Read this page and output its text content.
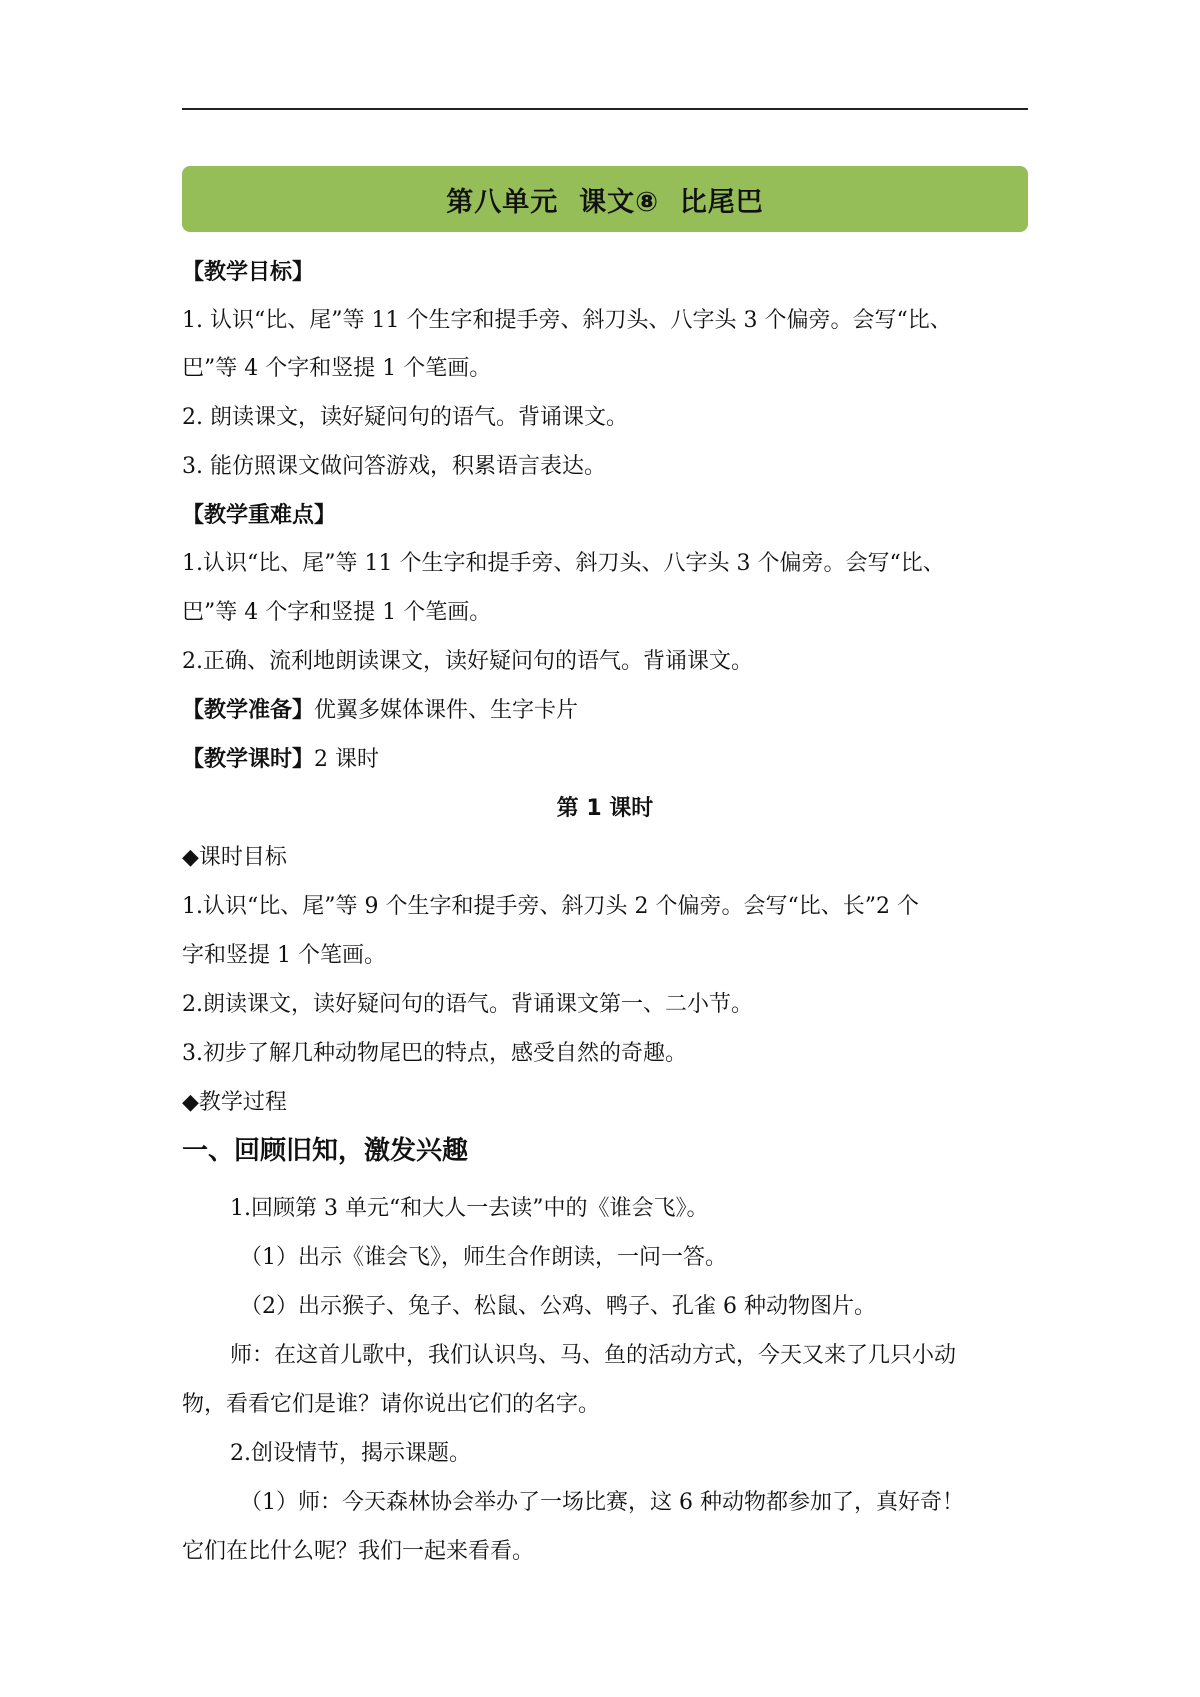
第八单元  课文⑧  比尾巴
【教学目标】
1. 认识“比、尾”等 11 个生字和提手旁、斜刀头、八字头 3 个偏旁。会写“比、
巴”等 4 个字和竖提 1 个笔画。
2. 朗读课文，读好疑问句的语气。背诵课文。
3. 能仿照课文做问答游戏，积累语言表达。
【教学重难点】
1.认识“比、尾”等 11 个生字和提手旁、斜刀头、八字头 3 个偏旁。会写“比、
巴”等 4 个字和竖提 1 个笔画。
2.正确、流利地朗读课文，读好疑问句的语气。背诵课文。
【教学准备】优翼多媒体课件、生字卡片
【教学课时】2 课时
第 1 课时
◆课时目标
1.认识“比、尾”等 9 个生字和提手旁、斜刀头 2 个偏旁。会写“比、长”2 个
字和竖提 1 个笔画。
2.朗读课文，读好疑问句的语气。背诵课文第一、二小节。
3.初步了解几种动物尾巴的特点，感受自然的奇趣。
◆教学过程
一、回顾旧知，激发兴趣
1.回顾第 3 单元“和大人一去读”中的《谁会飞》。
（1）出示《谁会飞》，师生合作朗读，一问一答。
（2）出示猴子、兔子、松鼠、公鸡、鸭子、孔雀 6 种动物图片。
师：在这首儿歌中，我们认识鸟、马、鱼的活动方式，今天又来了几只小动
物，看看它们是谁？请你说出它们的名字。
2.创设情节，揭示课题。
（1）师：今天森林协会举办了一场比赛，这 6 种动物都参加了，真好奇！
它们在比什么呢？我们一起来看看。
